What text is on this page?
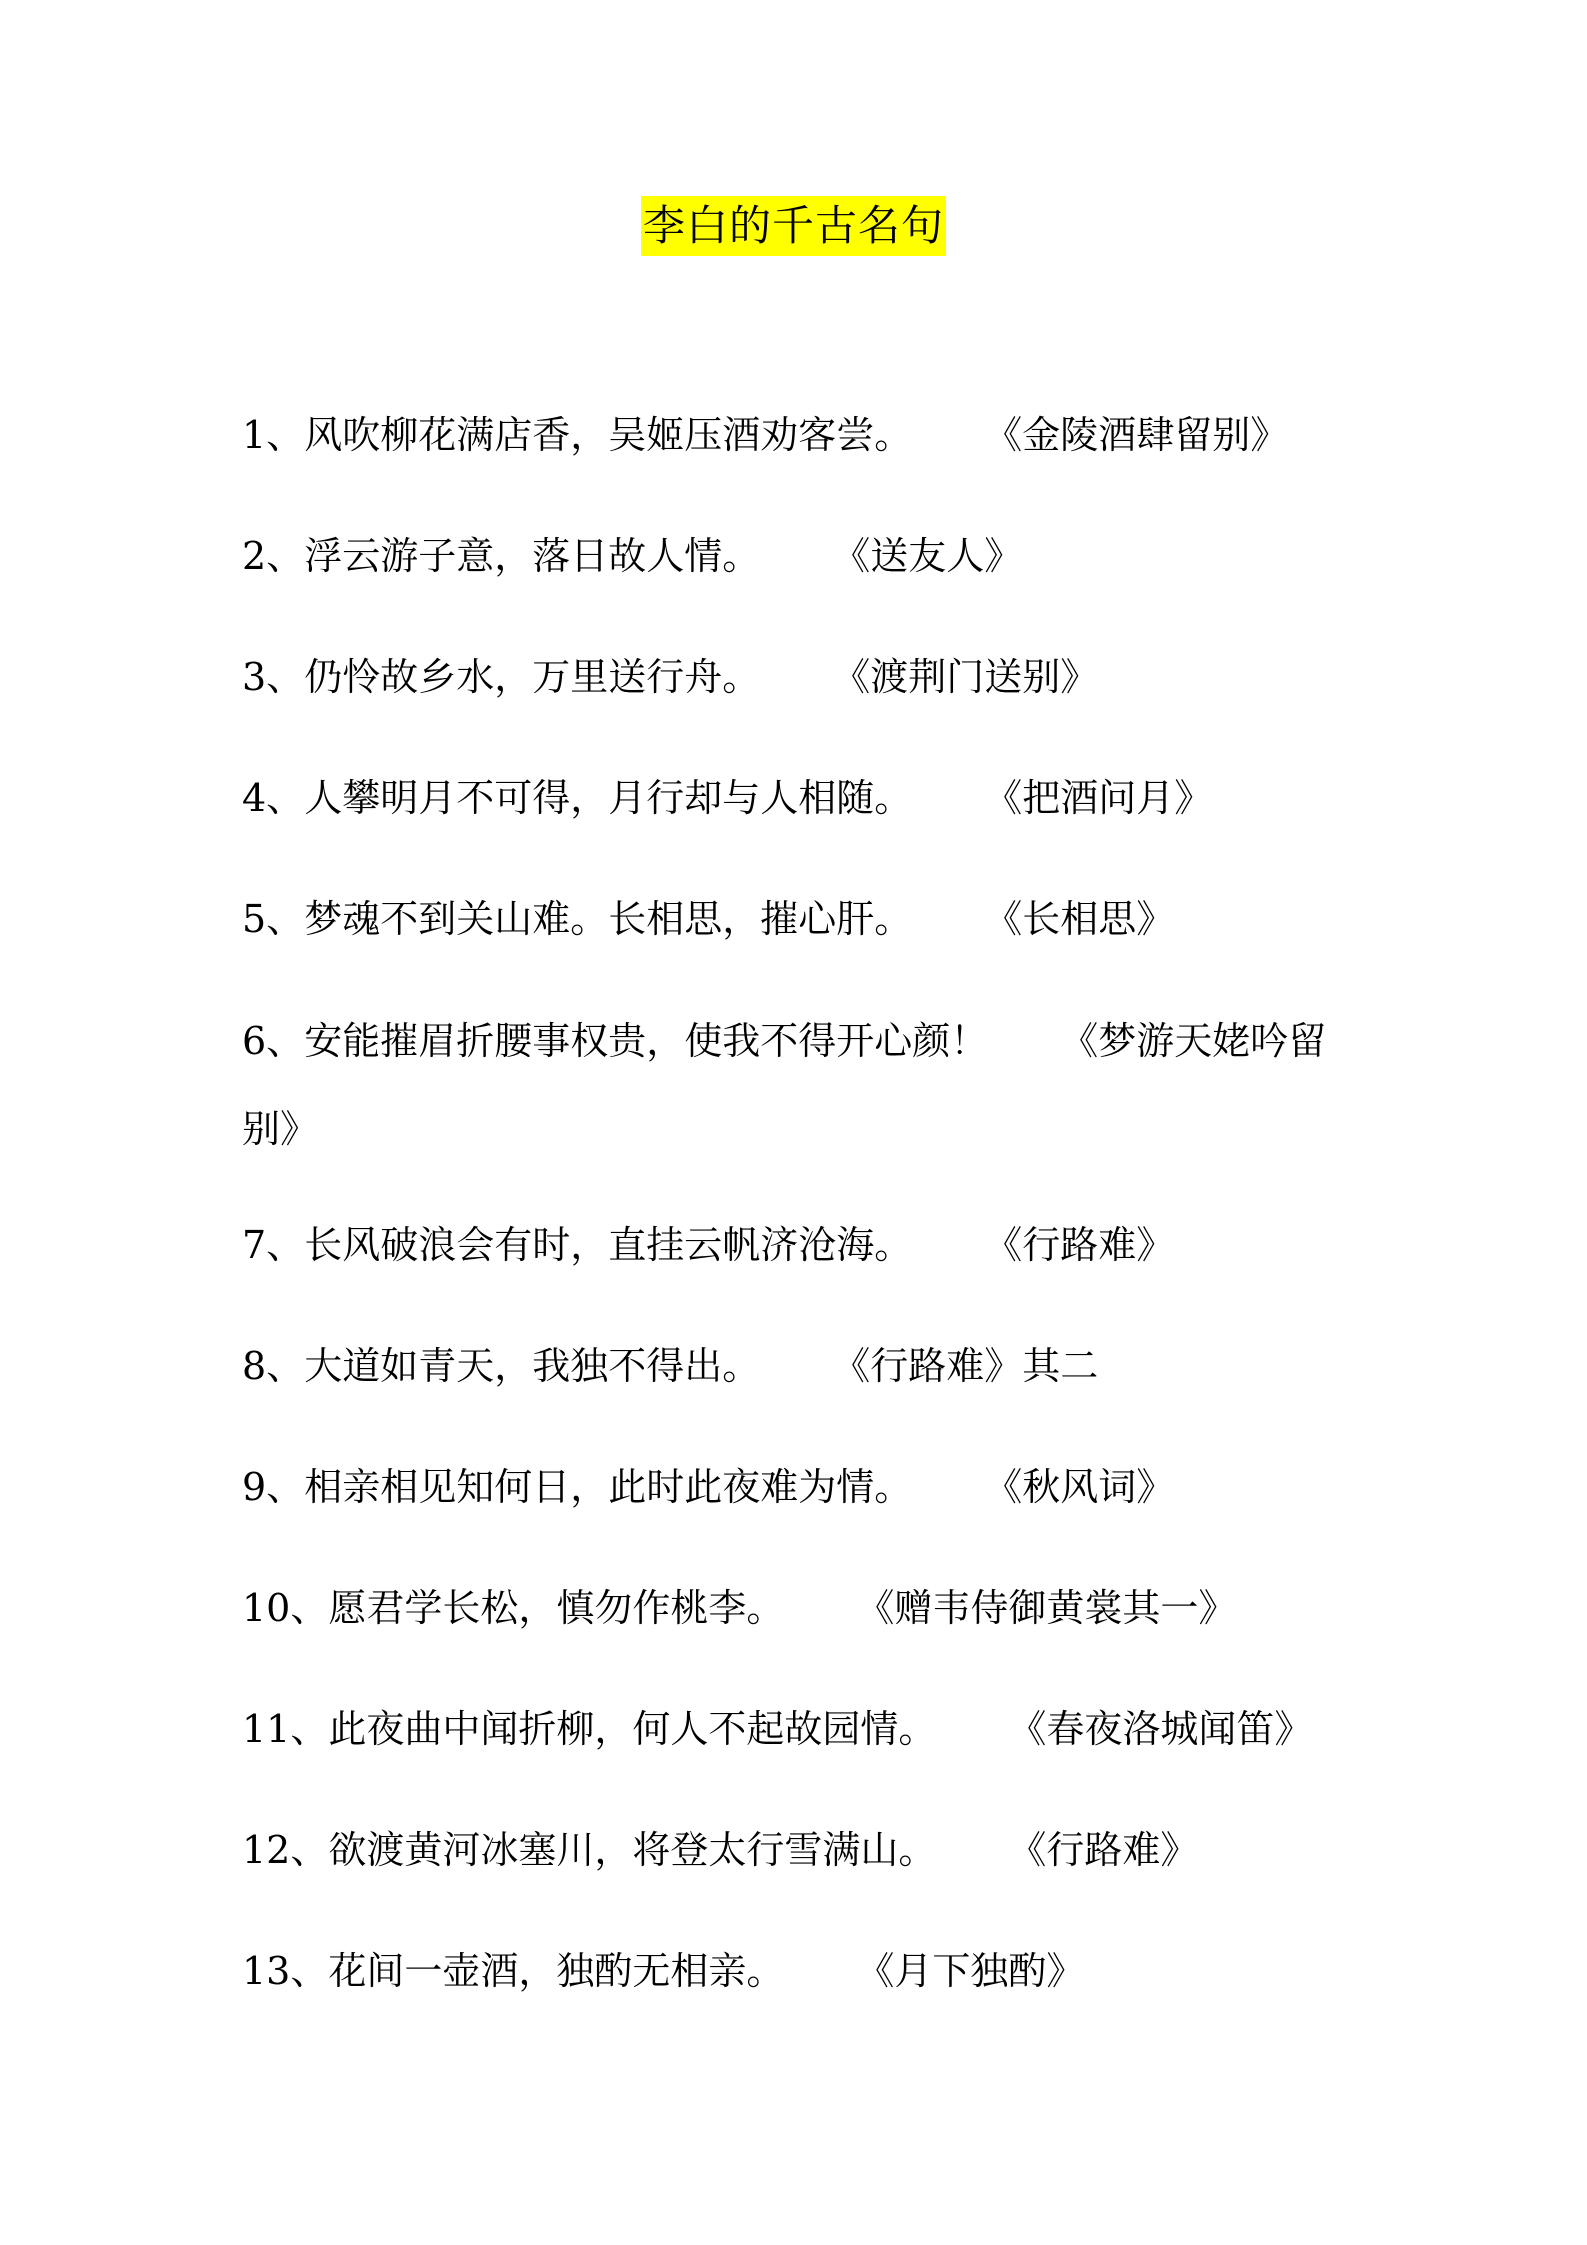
李白的千古名句
1、风吹柳花满店香，吴姬压酒劝客尝。 《金陵酒肆留别》
2、浮云游子意，落日故人情。 《送友人》
3、仍怜故乡水，万里送行舟。 《渡荆门送别》
4、人攀明月不可得，月行却与人相随。 《把酒问月》
5、梦魂不到关山难。长相思，摧心肝。 《长相思》
6、安能摧眉折腰事权贵，使我不得开心颜！ 《梦游天姥吟留别》
7、长风破浪会有时，直挂云帆济沧海。 《行路难》
8、大道如青天，我独不得出。 《行路难》其二
9、相亲相见知何日，此时此夜难为情。 《秋风词》
10、愿君学长松，慎勿作桃李。 《赠韦侍御黄裳其一》
11、此夜曲中闻折柳，何人不起故园情。 《春夜洛城闻笛》
12、欲渡黄河冰塞川，将登太行雪满山。 《行路难》
13、花间一壶酒，独酌无相亲。 《月下独酌》
